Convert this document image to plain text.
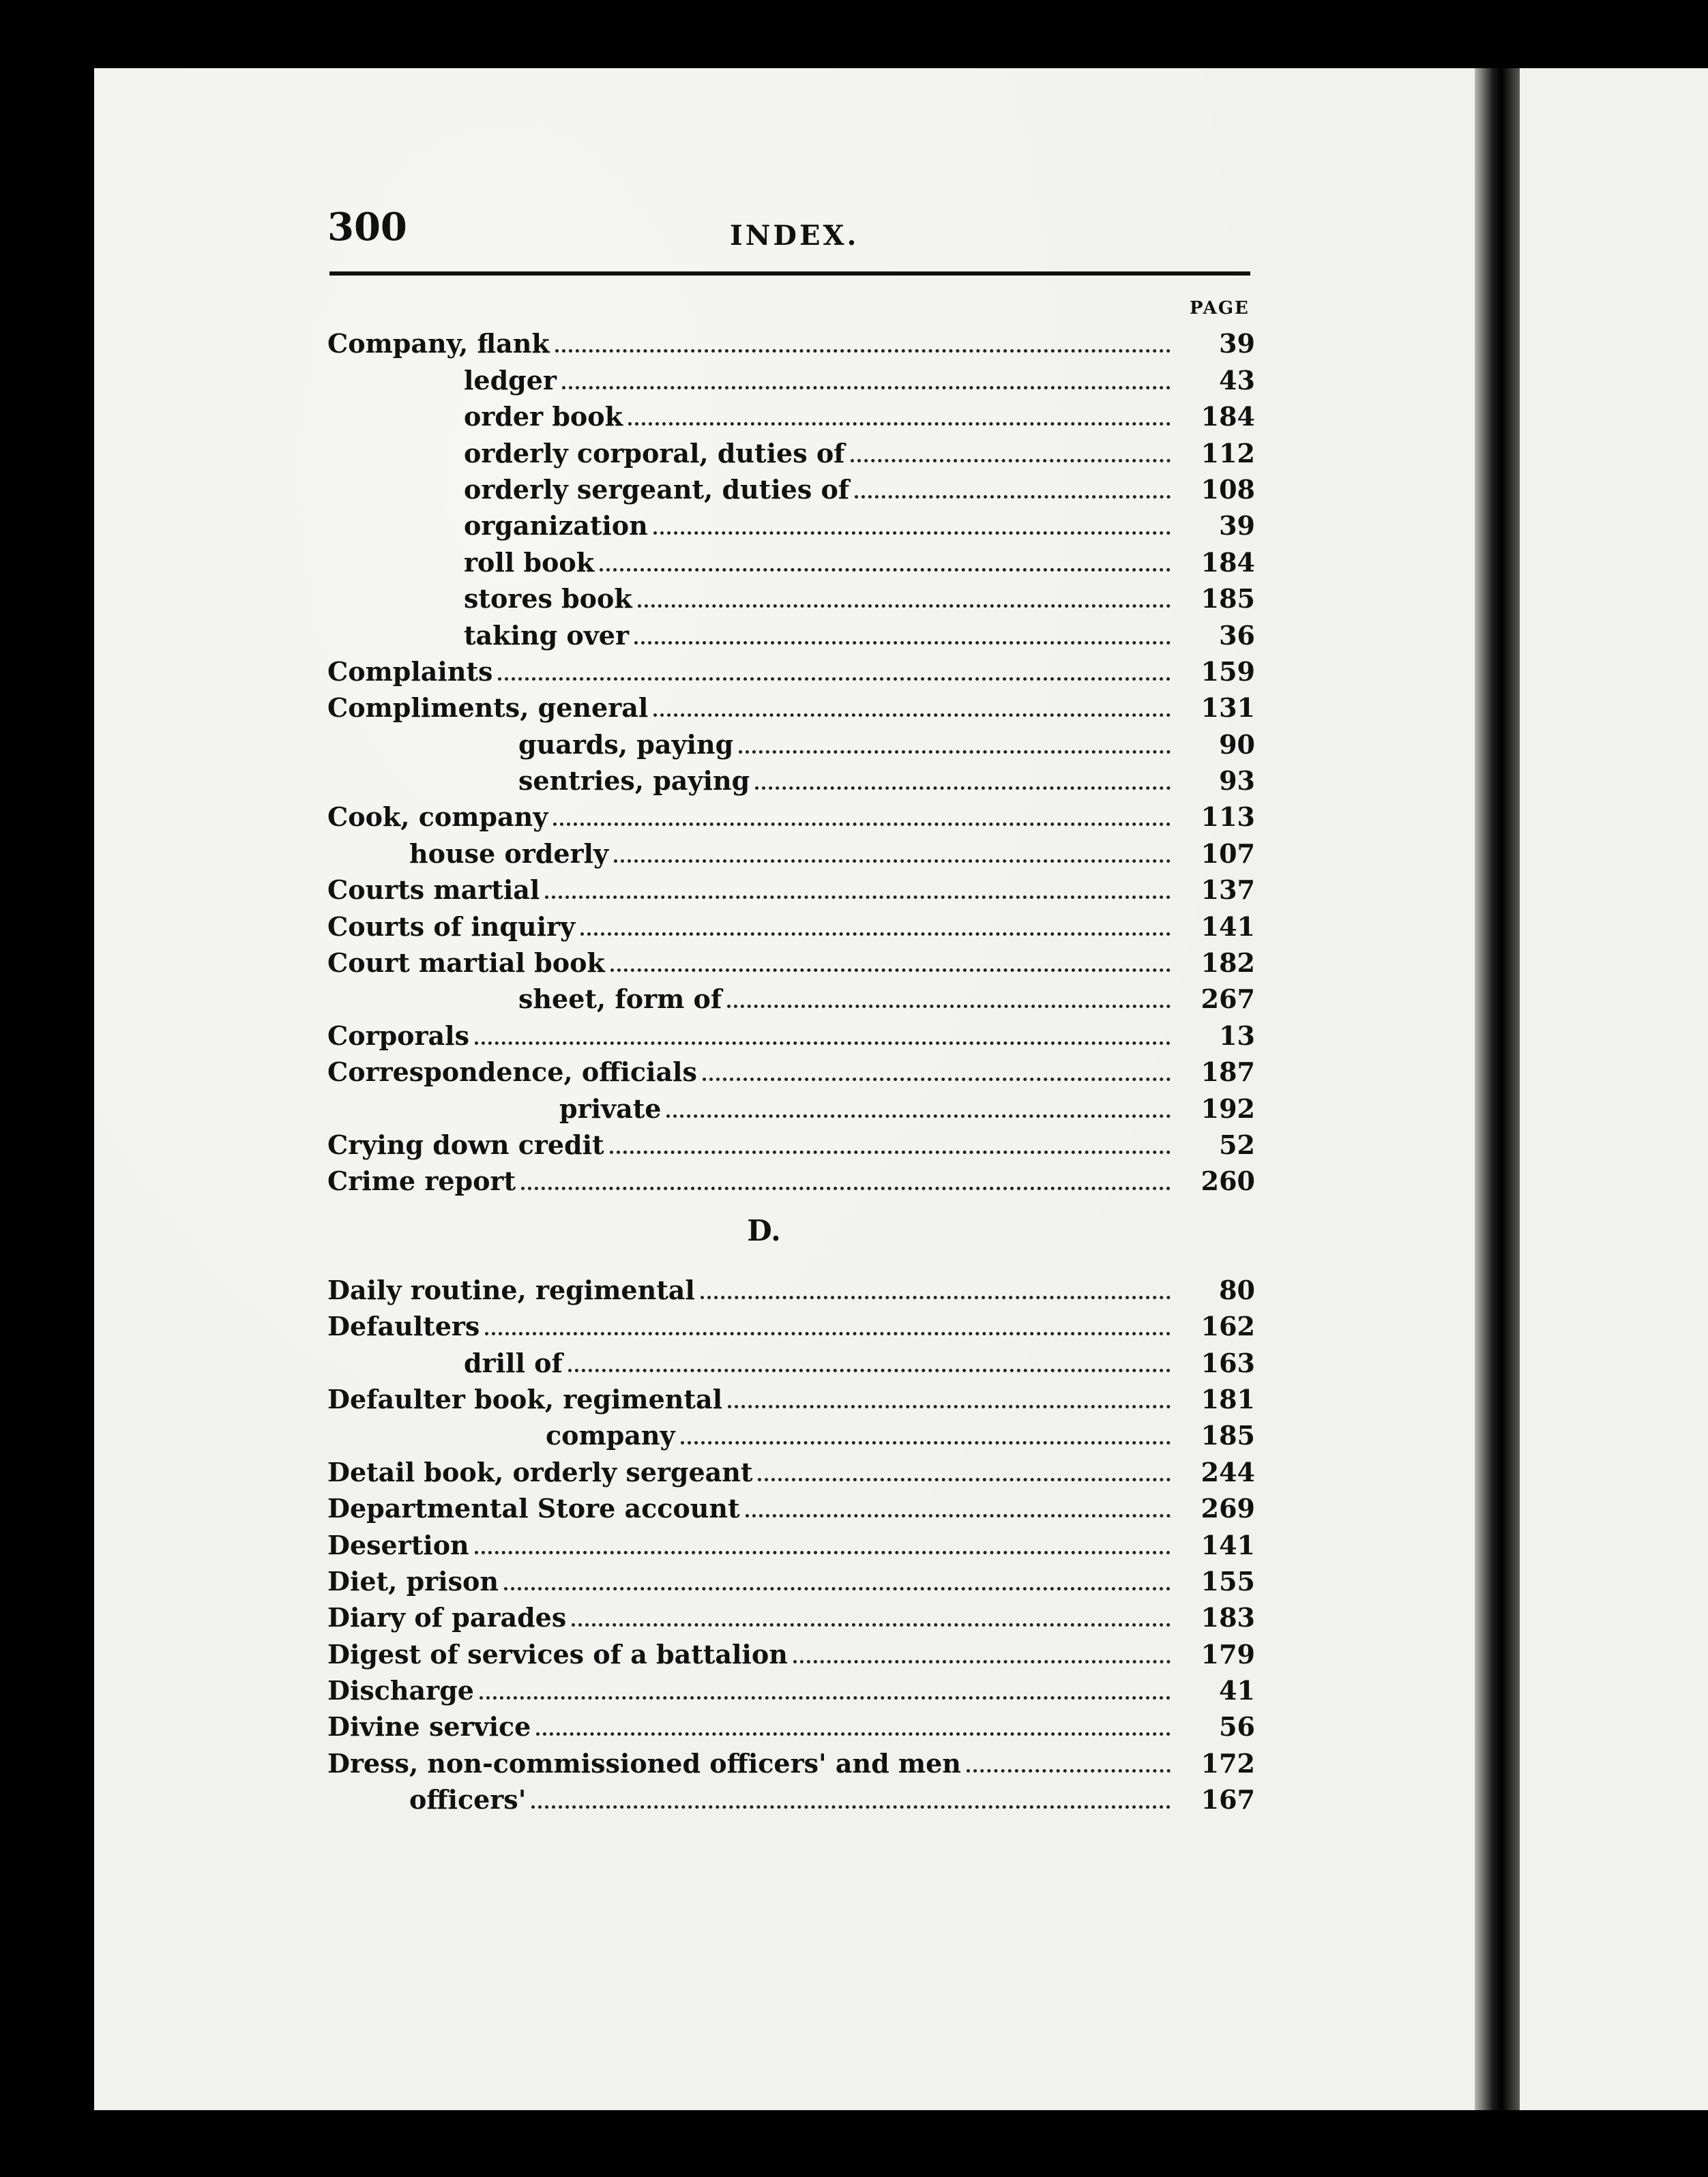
300	INDEX.
PAGE
Company, flank	39
ledger	43
order book	184
orderly corporal, duties of	112
orderly sergeant, duties of	108
organization	39
roll book	184
stores book	185
taking over	36
Complaints	159
Compliments, general	131
guards, paying	90
sentries, paying	93
Cook, company	113
house orderly	107
Courts martial	137
Courts of inquiry	141
Court martial book	182
sheet, form of	267
Corporals	13
Correspondence, officials	187
private	192
Crying down credit	52
Crime report	260
D.
Daily routine, regimental	80
Defaulters	162
drill of	163
Defaulter book, regimental	181
company	185
Detail book, orderly sergeant	244
Departmental Store account	269
Desertion	141
Diet, prison	155
Diary of parades	183
Digest of services of a battalion	179
Discharge	41
Divine service	56
Dress, non-commissioned officers' and men	172
officers'	167
